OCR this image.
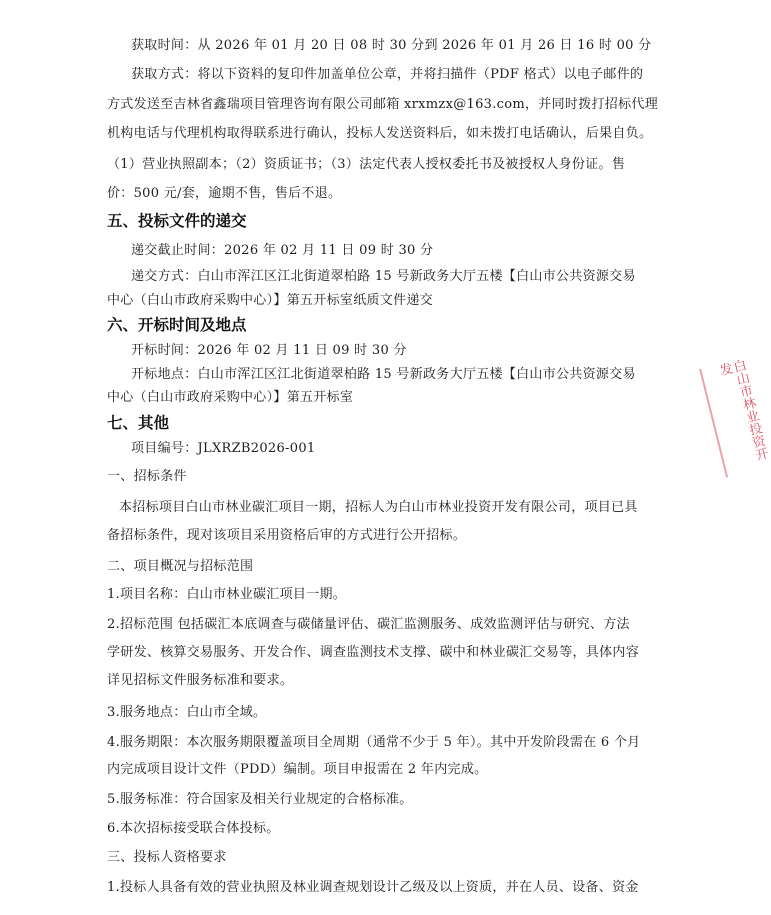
获取时间：从 2026 年 01 月 20 日 08 时 30 分到 2026 年 01 月 26 日 16 时 00 分
获取方式：将以下资料的复印件加盖单位公章，并将扫描件（PDF 格式）以电子邮件的
方式发送至吉林省鑫瑞项目管理咨询有限公司邮箱 xrxmzx@163.com，并同时拨打招标代理
机构电话与代理机构取得联系进行确认，投标人发送资料后，如未拨打电话确认，后果自负。
（1）营业执照副本；（2）资质证书；（3）法定代表人授权委托书及被授权人身份证。售
价：500 元/套，逾期不售，售后不退。
五、投标文件的递交
递交截止时间：2026 年 02 月 11 日 09 时 30 分
递交方式：白山市浑江区江北街道翠柏路 15 号新政务大厅五楼【白山市公共资源交易
中心（白山市政府采购中心）】第五开标室纸质文件递交
六、开标时间及地点
开标时间：2026 年 02 月 11 日 09 时 30 分
开标地点：白山市浑江区江北街道翠柏路 15 号新政务大厅五楼【白山市公共资源交易
中心（白山市政府采购中心）】第五开标室
七、其他
项目编号：JLXRZB2026-001
一、招标条件
本招标项目白山市林业碳汇项目一期，招标人为白山市林业投资开发有限公司，项目已具
备招标条件，现对该项目采用资格后审的方式进行公开招标。
二、项目概况与招标范围
1.项目名称：白山市林业碳汇项目一期。
2.招标范围 包括碳汇本底调查与碳储量评估、碳汇监测服务、成效监测评估与研究、方法
学研发、核算交易服务、开发合作、调查监测技术支撑、碳中和林业碳汇交易等，具体内容
详见招标文件服务标准和要求。
3.服务地点：白山市全域。
4.服务期限：本次服务期限覆盖项目全周期（通常不少于 5 年）。其中开发阶段需在 6 个月
内完成项目设计文件（PDD）编制。项目申报需在 2 年内完成。
5.服务标准：符合国家及相关行业规定的合格标准。
6.本次招标接受联合体投标。
三、投标人资格要求
1.投标人具备有效的营业执照及林业调查规划设计乙级及以上资质，并在人员、设备、资金
白山市林业投资开发
